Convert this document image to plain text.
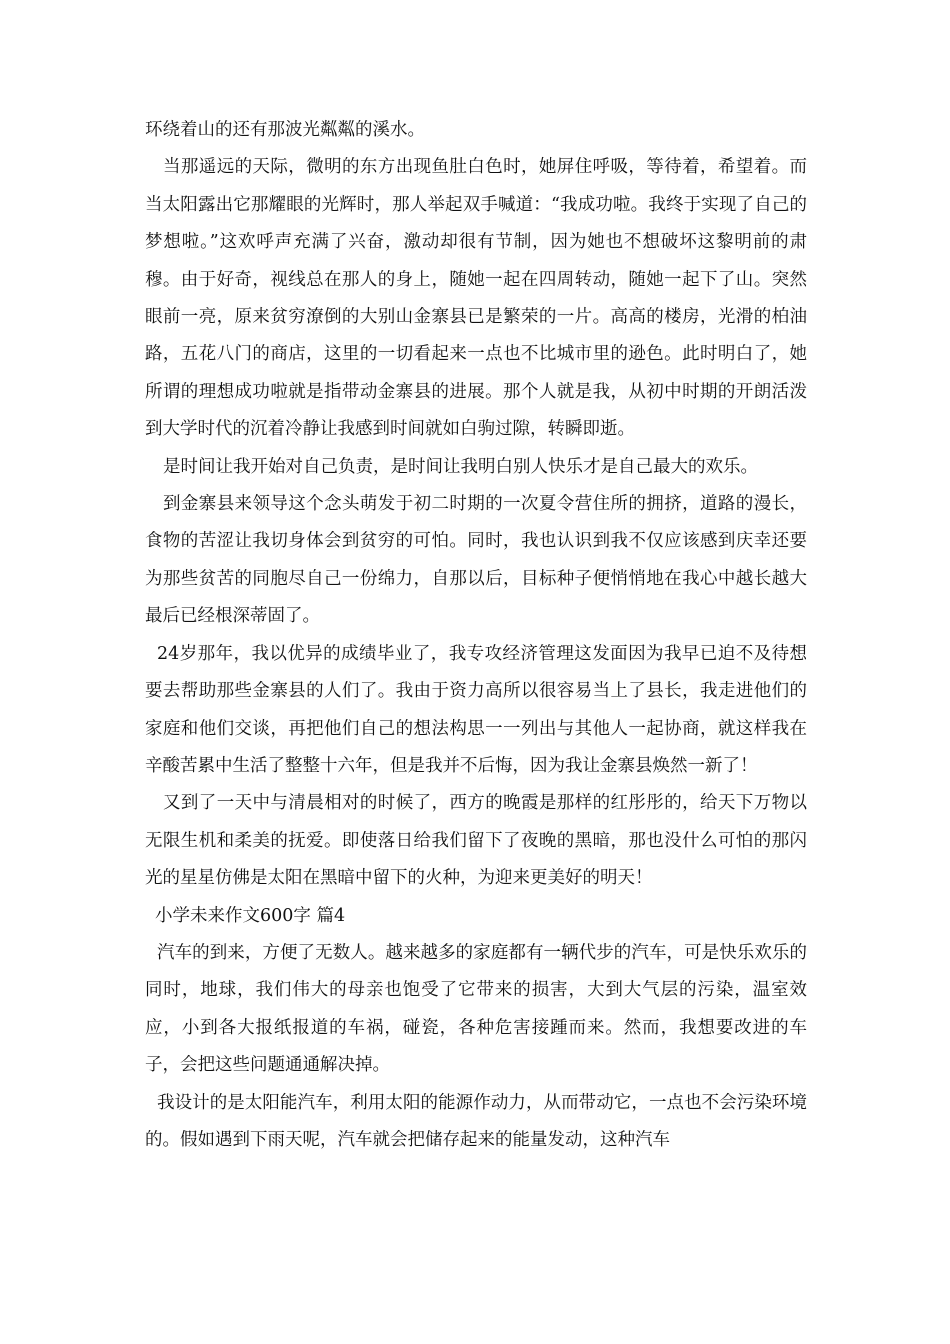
环绕着山的还有那波光粼粼的溪水。

当那遥远的天际，微明的东方出现鱼肚白色时，她屏住呼吸，等待着，希望着。而当太阳露出它那耀眼的光辉时，那人举起双手喊道：“我成功啦。我终于实现了自己的梦想啦。”这欢呼声充满了兴奋，激动却很有节制，因为她也不想破坏这黎明前的肃穆。由于好奇，视线总在那人的身上，随她一起在四周转动，随她一起下了山。突然眼前一亮，原来贫穷潦倒的大别山金寨县已是繁荣的一片。高高的楼房，光滑的柏油路，五花八门的商店，这里的一切看起来一点也不比城市里的逊色。此时明白了，她所谓的理想成功啦就是指带动金寨县的进展。那个人就是我，从初中时期的开朗活泼到大学时代的沉着冷静让我感到时间就如白驹过隙，转瞬即逝。

是时间让我开始对自己负责，是时间让我明白别人快乐才是自己最大的欢乐。

到金寨县来领导这个念头萌发于初二时期的一次夏令营住所的拥挤，道路的漫长，食物的苦涩让我切身体会到贫穷的可怕。同时，我也认识到我不仅应该感到庆幸还要为那些贫苦的同胞尽自己一份绵力，自那以后，目标种子便悄悄地在我心中越长越大最后已经根深蒂固了。

24岁那年，我以优异的成绩毕业了，我专攻经济管理这发面因为我早已迫不及待想要去帮助那些金寨县的人们了。我由于资力高所以很容易当上了县长，我走进他们的家庭和他们交谈，再把他们自己的想法构思一一列出与其他人一起协商，就这样我在辛酸苦累中生活了整整十六年，但是我并不后悔，因为我让金寨县焕然一新了！

又到了一天中与清晨相对的时候了，西方的晚霞是那样的红彤彤的，给天下万物以无限生机和柔美的抚爱。即使落日给我们留下了夜晚的黑暗，那也没什么可怕的那闪光的星星仿佛是太阳在黑暗中留下的火种，为迎来更美好的明天！

小学未来作文600字 篇4

汽车的到来，方便了无数人。越来越多的家庭都有一辆代步的汽车，可是快乐欢乐的同时，地球，我们伟大的母亲也饱受了它带来的损害，大到大气层的污染，温室效应，小到各大报纸报道的车祸，碰瓷，各种危害接踵而来。然而，我想要改进的车子，会把这些问题通通解决掉。

我设计的是太阳能汽车，利用太阳的能源作动力，从而带动它，一点也不会污染环境的。假如遇到下雨天呢，汽车就会把储存起来的能量发动，这种汽车
